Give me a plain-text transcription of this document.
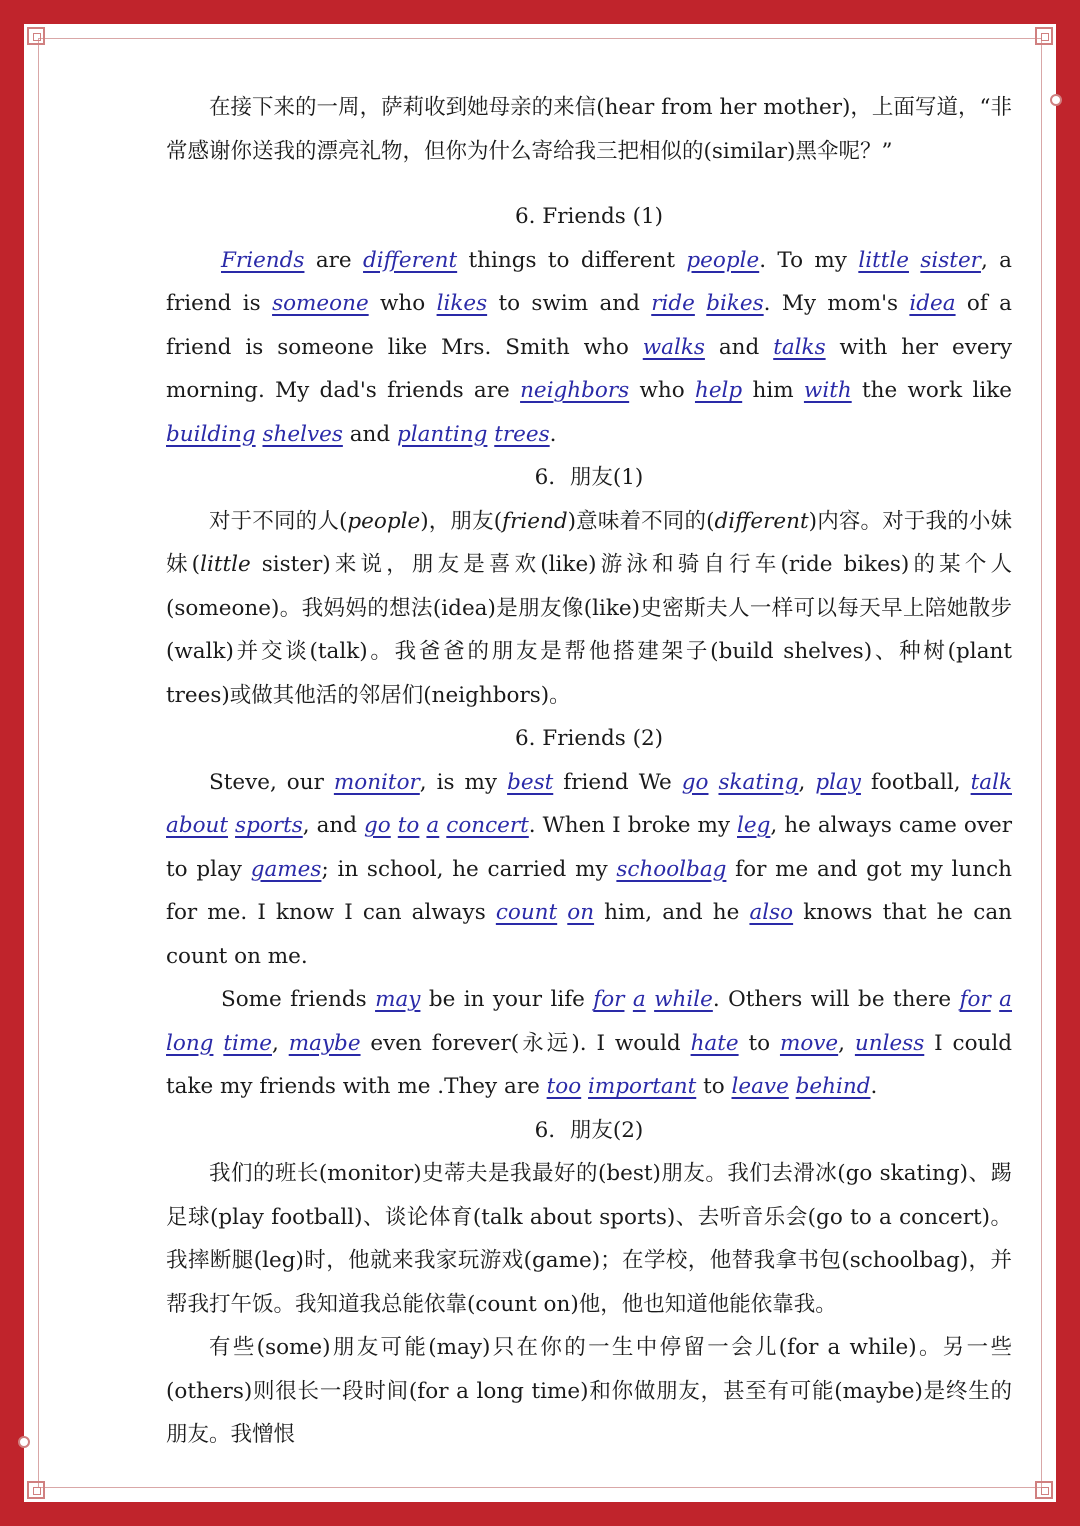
在接下来的一周，萨莉收到她母亲的来信(hear from her mother)，上面写道，“非常感谢你送我的漂亮礼物，但你为什么寄给我三把相似的(similar)黑伞呢？”

6. Friends (1)

Friends are different things to different people. To my little sister, a friend is someone who likes to swim and ride bikes. My mom's idea of a friend is someone like Mrs. Smith who walks and talks with her every morning. My dad's friends are neighbors who help him with the work like building shelves and planting trees.

6．朋友(1)

对于不同的人(people)，朋友(friend)意味着不同的(different)内容。对于我的小妹妹(little sister)来说，朋友是喜欢(like)游泳和骑自行车(ride bikes)的某个人(someone)。我妈妈的想法(idea)是朋友像(like)史密斯夫人一样可以每天早上陪她散步(walk)并交谈(talk)。我爸爸的朋友是帮他搭建架子(build shelves)、种树(plant trees)或做其他活的邻居们(neighbors)。

6. Friends (2)

Steve, our monitor, is my best friend We go skating, play football, talk about sports, and go to a concert. When I broke my leg, he always came over to play games; in school, he carried my schoolbag for me and got my lunch for me. I know I can always count on him, and he also knows that he can count on me.

Some friends may be in your life for a while. Others will be there for a long time, maybe even forever(永远). I would hate to move, unless I could take my friends with me .They are too important to leave behind.

6．朋友(2)

我们的班长(monitor)史蒂夫是我最好的(best)朋友。我们去滑冰(go skating)、踢足球(play football)、谈论体育(talk about sports)、去听音乐会(go to a concert)。我摔断腿(leg)时，他就来我家玩游戏(game)；在学校，他替我拿书包(schoolbag)，并帮我打午饭。我知道我总能依靠(count on)他，他也知道他能依靠我。

有些(some)朋友可能(may)只在你的一生中停留一会儿(for a while)。另一些(others)则很长一段时间(for a long time)和你做朋友，甚至有可能(maybe)是终生的朋友。我憎恨
